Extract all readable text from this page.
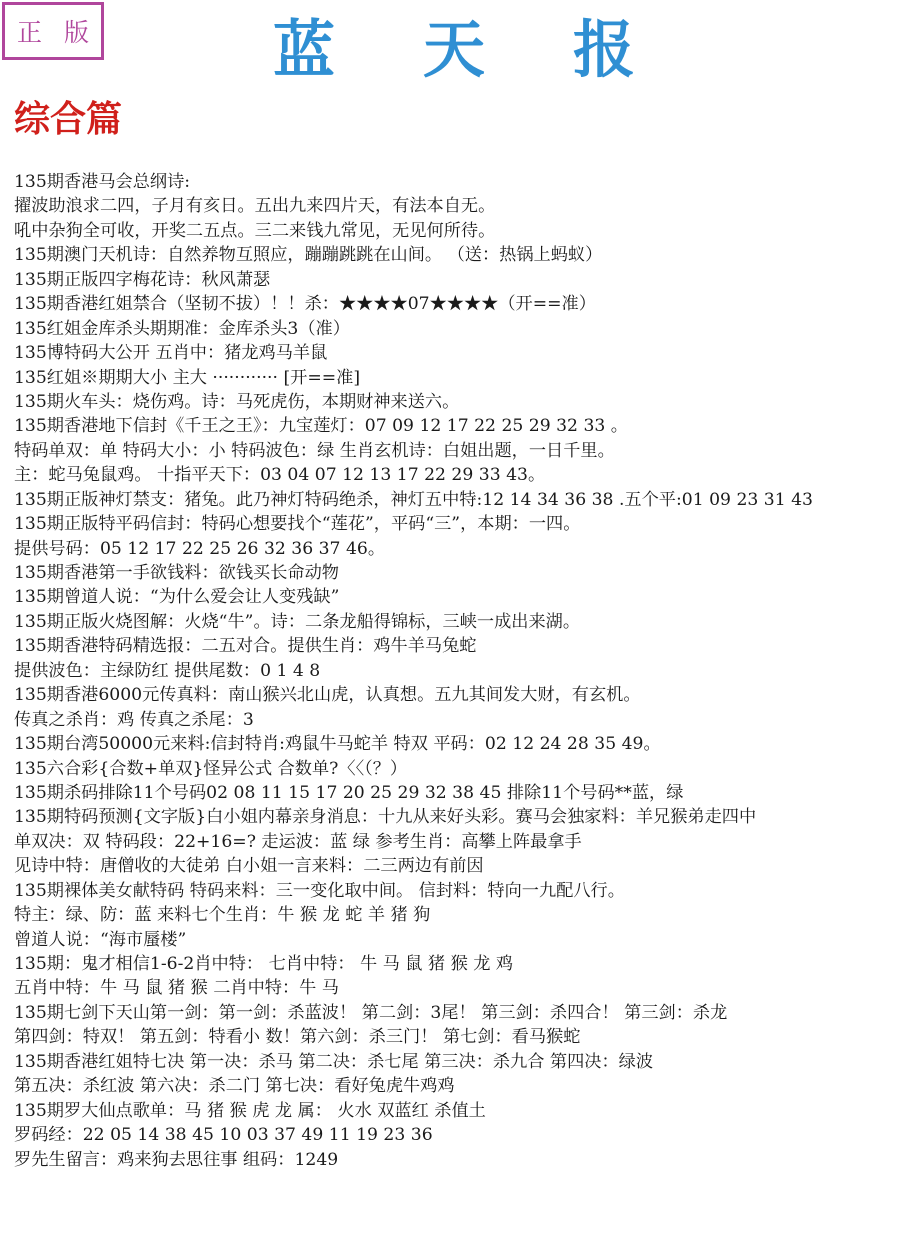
正版	蓝天报
综合篇
135期香港马会总纲诗:
擢波助浪求二四，子月有亥日。五出九来四片天，有法本自无。
吼中杂狗全可收，开奖二五点。三二来钱九常见，无见何所待。
135期澳门天机诗：自然养物互照应，蹦蹦跳跳在山间。 （送：热锅上蚂蚁）
135期正版四字梅花诗：秋风萧瑟
135期香港红姐禁合（坚韧不拔）！！杀：★★★★07★★★★（开==准）
135红姐金库杀头期期准：金库杀头3（准）
135博特码大公开 五肖中：猪龙鸡马羊鼠
135红姐※期期大小 主大 ············ [开==准]
135期火车头：烧伤鸡。诗：马死虎伤，本期财神来送六。
135期香港地下信封《千王之王》：九宝莲灯：07 09 12 17 22 25 29 32 33 。
特码单双：单 特码大小：小 特码波色：绿 生肖玄机诗：白姐出题，一日千里。
主：蛇马兔鼠鸡。 十指平天下：03 04 07 12 13 17 22 29 33 43。
135期正版神灯禁支：猪兔。此乃神灯特码绝杀，神灯五中特:12 14 34 36 38 .五个平:01 09 23 31 43
135期正版特平码信封：特码心想要找个“莲花”，平码“三”，本期：一四。
提供号码：05 12 17 22 25 26 32 36 37 46。
135期香港第一手欲钱料：欲钱买长命动物
135期曾道人说：“为什么爱会让人变残缺”
135期正版火烧图解：火烧“牛”。诗：二条龙船得锦标，三峡一成出来湖。
135期香港特码精选报：二五对合。提供生肖：鸡牛羊马兔蛇
提供波色：主绿防红 提供尾数：0 1 4 8
135期香港6000元传真料：南山猴兴北山虎，认真想。五九其间发大财，有玄机。
传真之杀肖：鸡 传真之杀尾：3
135期台湾50000元来料:信封特肖:鸡鼠牛马蛇羊 特双 平码：02 12 24 28 35 49。
135六合彩{合数+单双}怪异公式 合数单?〈〈（？）
135期杀码排除11个号码02 08 11 15 17 20 25 29 32 38 45 排除11个号码**蓝，绿
135期特码预测{文字版}白小姐内幕亲身消息：十九从来好头彩。赛马会独家料：羊兄猴弟走四中
单双决：双 特码段：22+16=? 走运波：蓝 绿 参考生肖：高攀上阵最拿手
见诗中特：唐僧收的大徒弟 白小姐一言来料：二三两边有前因
135期裸体美女献特码 特码来料：三一变化取中间。 信封料：特向一九配八行。
特主：绿、防：蓝 来料七个生肖：牛 猴 龙 蛇 羊 猪 狗
曾道人说：“海市蜃楼”
135期：鬼才相信1-6-2肖中特： 七肖中特： 牛 马 鼠 猪 猴 龙 鸡
五肖中特：牛 马 鼠 猪 猴 二肖中特：牛 马
135期七剑下天山第一剑：第一剑：杀蓝波！ 第二剑：3尾！ 第三剑：杀四合！ 第三剑：杀龙
第四剑：特双！ 第五剑：特看小 数！第六剑：杀三门！ 第七剑：看马猴蛇
135期香港红姐特七决 第一决：杀马 第二决：杀七尾 第三决：杀九合 第四决：绿波
第五决：杀红波 第六决：杀二门 第七决：看好兔虎牛鸡鸡
135期罗大仙点歌单：马 猪 猴 虎 龙 属： 火水 双蓝红 杀值土
罗码经：22 05 14 38 45 10 03 37 49 11 19 23 36
罗先生留言：鸡来狗去思往事 组码：1249
